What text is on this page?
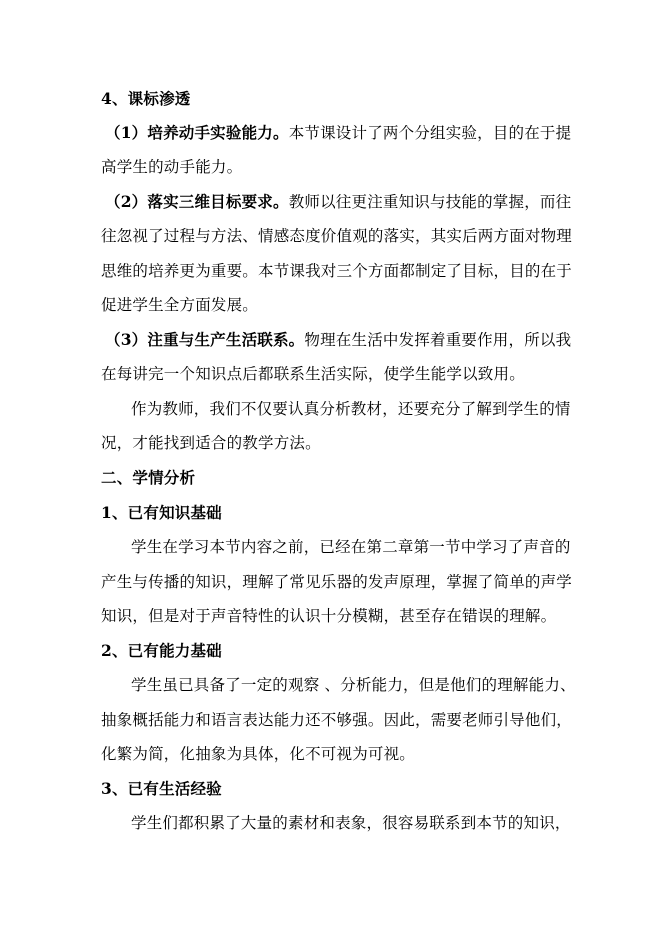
4、课标渗透
（1）培养动手实验能力。本节课设计了两个分组实验，目的在于提
高学生的动手能力。
（2）落实三维目标要求。教师以往更注重知识与技能的掌握，而往
往忽视了过程与方法、情感态度价值观的落实，其实后两方面对物理
思维的培养更为重要。本节课我对三个方面都制定了目标，目的在于
促进学生全方面发展。
（3）注重与生产生活联系。物理在生活中发挥着重要作用，所以我
在每讲完一个知识点后都联系生活实际，使学生能学以致用。
作为教师，我们不仅要认真分析教材，还要充分了解到学生的情
况，才能找到适合的教学方法。
二、学情分析
1、已有知识基础
学生在学习本节内容之前，已经在第二章第一节中学习了声音的
产生与传播的知识，理解了常见乐器的发声原理，掌握了简单的声学
知识，但是对于声音特性的认识十分模糊，甚至存在错误的理解。
2、已有能力基础
学生虽已具备了一定的观察 、分析能力，但是他们的理解能力、
抽象概括能力和语言表达能力还不够强。因此，需要老师引导他们，
化繁为简，化抽象为具体，化不可视为可视。
3、已有生活经验
学生们都积累了大量的素材和表象，很容易联系到本节的知识，
